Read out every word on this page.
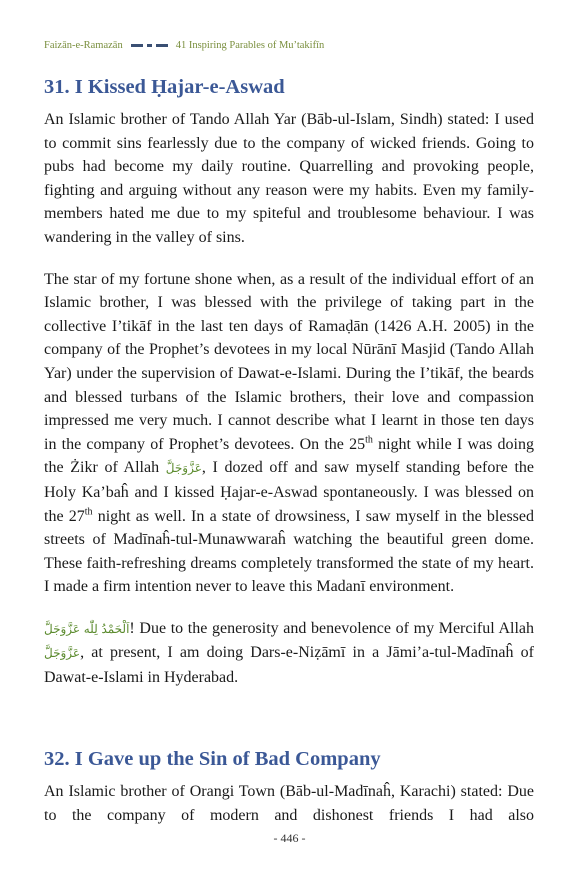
Faizān-e-Ramazān	41 Inspiring Parables of Mu’takifīn
31. I Kissed Ḥajar-e-Aswad

An Islamic brother of Tando Allah Yar (Bāb-ul-Islam, Sindh) stated: I used to commit sins fearlessly due to the company of wicked friends. Going to pubs had become my daily routine. Quarrelling and provoking people, fighting and arguing without any reason were my habits. Even my family-members hated me due to my spiteful and troublesome behaviour. I was wandering in the valley of sins.

The star of my fortune shone when, as a result of the individual effort of an Islamic brother, I was blessed with the privilege of taking part in the collective I’tikāf in the last ten days of Ramaḍān (1426 A.H. 2005) in the company of the Prophet’s devotees in my local Nūrānī Masjid (Tando Allah Yar) under the supervision of Dawat-e-Islami. During the I’tikāf, the beards and blessed turbans of the Islamic brothers, their love and compassion impressed me very much. I cannot describe what I learnt in those ten days in the company of Prophet’s devotees. On the 25th night while I was doing the Żikr of Allah عَزَّوَجَلَّ, I dozed off and saw myself standing before the Holy Ka’baĥ and I kissed Ḥajar-e-Aswad spontaneously. I was blessed on the 27th night as well. In a state of drowsiness, I saw myself in the blessed streets of Madīnaĥ-tul-Munawwaraĥ watching the beautiful green dome. These faith-refreshing dreams completely transformed the state of my heart. I made a firm intention never to leave this Madanī environment.

اَلْحَمْدُ لِلّٰه عَزَّوَجَلَّ! Due to the generosity and benevolence of my Merciful Allah عَزَّوَجَلَّ, at present, I am doing Dars-e-Niẓāmī in a Jāmi’a-tul-Madīnaĥ of Dawat-e-Islami in Hyderabad.

32. I Gave up the Sin of Bad Company

An Islamic brother of Orangi Town (Bāb-ul-Madīnaĥ, Karachi) stated: Due to the company of modern and dishonest friends I had also

- 446 -
